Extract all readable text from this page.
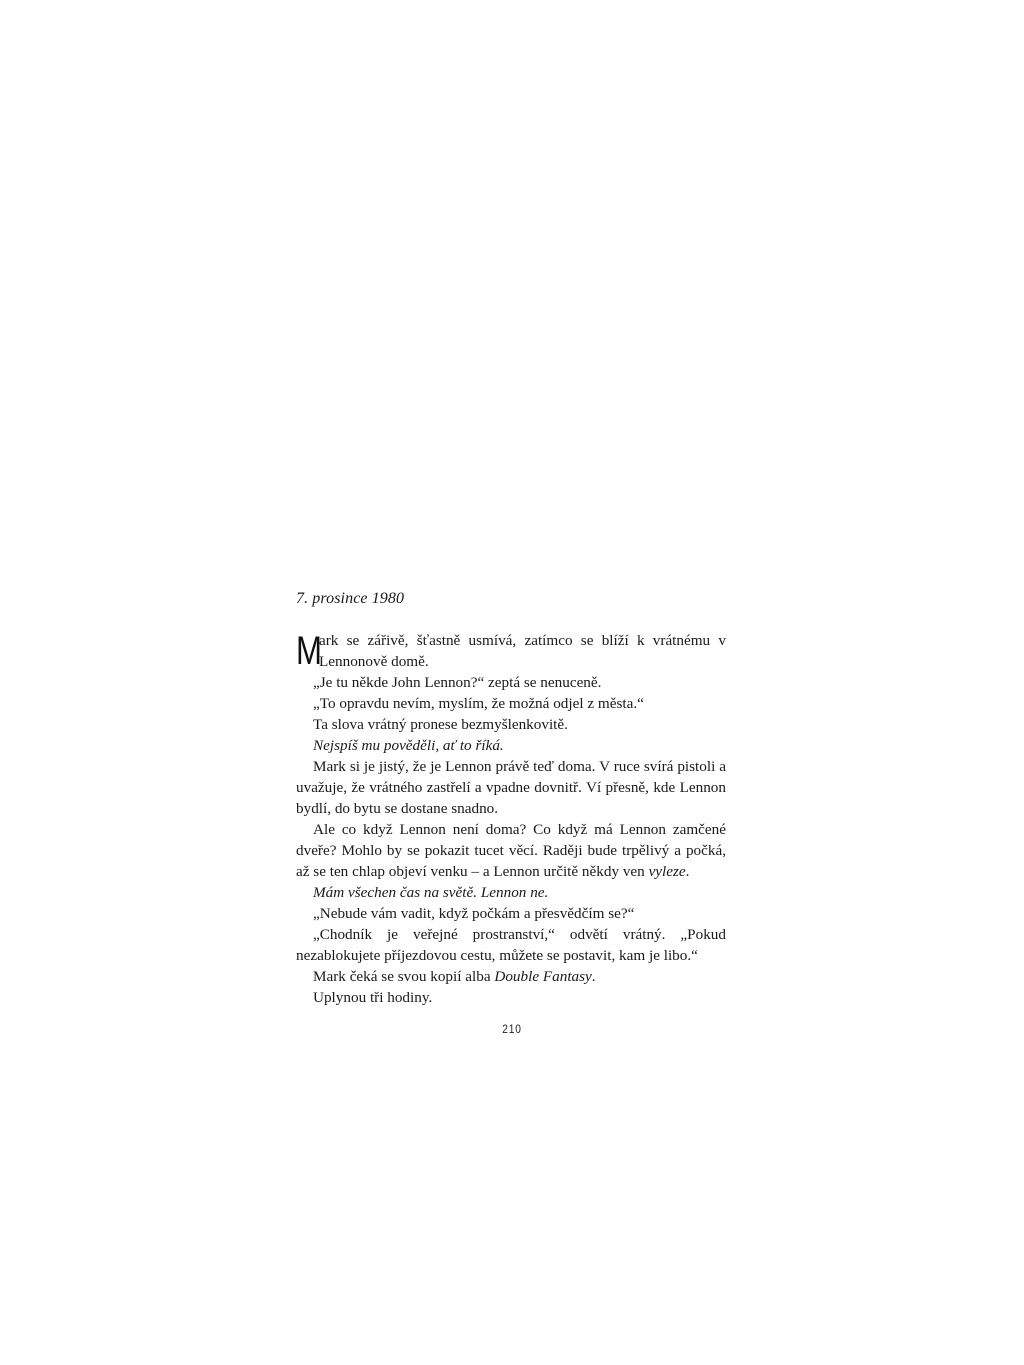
7. prosince 1980

M
ark se zářivě, šťastně usmívá, zatímco se blíží k vrátnému v Lennonově domě.

„Je tu někde John Lennon?“ zeptá se nenuceně.

„To opravdu nevím, myslím, že možná odjel z města.“

Ta slova vrátný pronese bezmyšlenkovitě.

Nejspíš mu pověděli, ať to říká.

Mark si je jistý, že je Lennon právě teď doma. V ruce svírá pistoli a uvažuje, že vrátného zastřelí a vpadne dovnitř. Ví přesně, kde Lennon bydlí, do bytu se dostane snadno.

Ale co když Lennon není doma? Co když má Lennon zamčené dveře? Mohlo by se pokazit tucet věcí. Raději bude trpělivý a počká, až se ten chlap objeví venku – a Lennon určitě někdy ven vyleze.

Mám všechen čas na světě. Lennon ne.

„Nebude vám vadit, když počkám a přesvědčím se?“

„Chodník je veřejné prostranství,“ odvětí vrátný. „Pokud nezablokujete příjezdovou cestu, můžete se postavit, kam je libo.“

Mark čeká se svou kopií alba Double Fantasy.

Uplynou tři hodiny.

210
